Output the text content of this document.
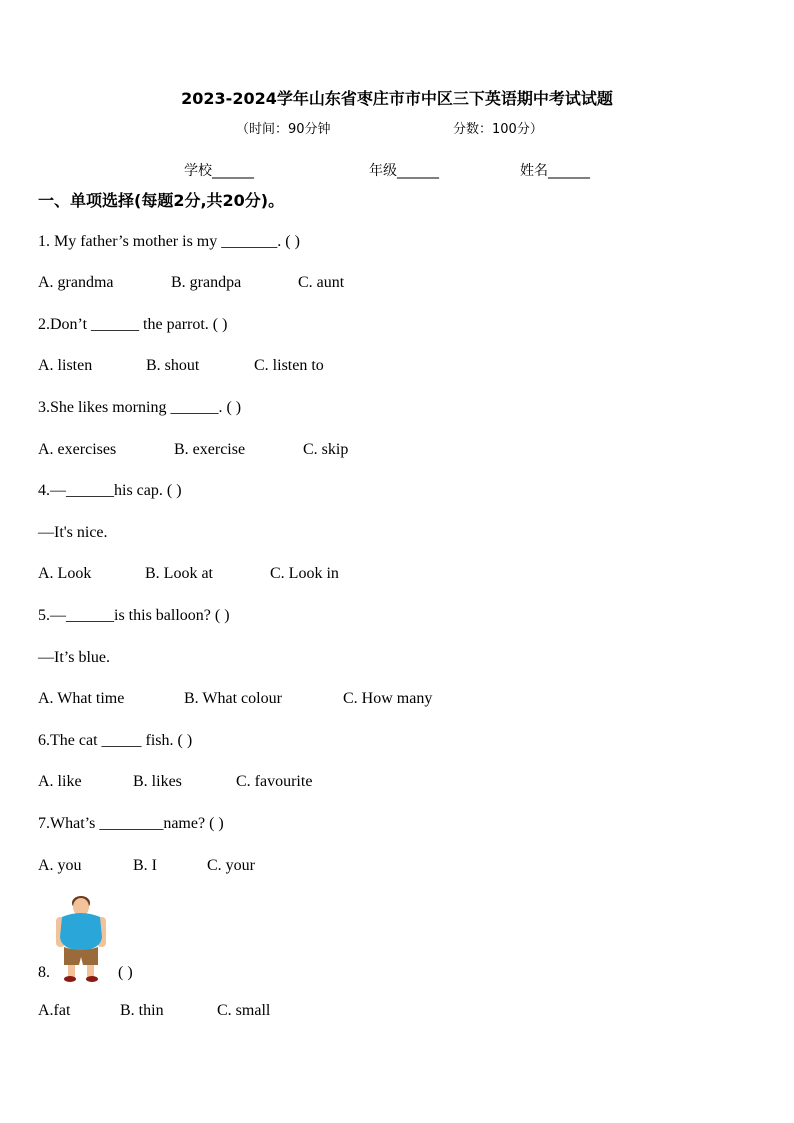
2023-2024学年山东省枣庄市市中区三下英语期中考试试题
（时间：90分钟	分数：100分）
学校______	年级______	姓名______
一、单项选择(每题2分,共20分)。
1. My father’s mother is my _______. ( )
A. grandma	B. grandpa	C. aunt
2.Don’t ______ the parrot. ( )
A. listen	B. shout	C. listen to
3.She likes morning ______. ( )
A. exercises	B. exercise	C. skip
4.—______his cap. ( )
—It's nice.
A. Look	B. Look at	C. Look in
5.—______is this balloon? ( )
—It’s blue.
A. What time	B. What colour	C. How many
6.The cat _____ fish. ( )
A. like	B. likes	C. favourite
7.What’s ________name? ( )
A. you	B. I	C. your
8.	( )
A.fat	B. thin	C. small
